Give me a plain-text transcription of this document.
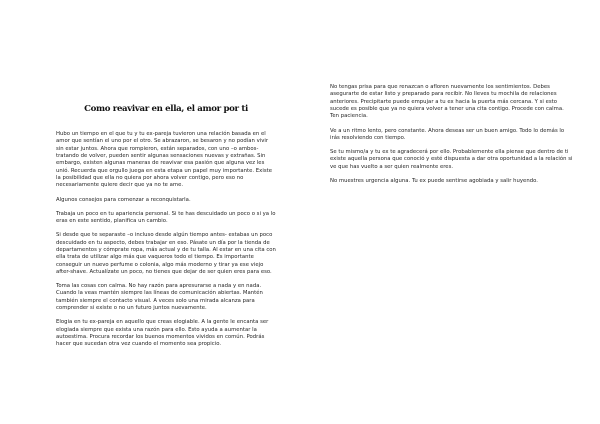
Como reavivar en ella, el amor por ti

Hubo un tiempo en el que tu y tu ex-pareja tuvieron una relación basada en el amor que sentían el uno por el otro. Se abrazaron, se besaron y no podían vivir sin estar juntos. Ahora que rompieron, están separados, con uno –o ambos- tratando de volver, pueden sentir algunas sensaciones nuevas y extrañas. Sin embargo, existen algunas maneras de reavivar esa pasión que alguna vez les unió. Recuerda que orgullo juega en esta etapa un papel muy importante. Existe la posibilidad que ella no quiera por ahora volver contigo, pero eso no necesariamente quiere decir que ya no te ame.

Algunos consejos para comenzar a reconquistarla.

Trabaja un poco en tu apariencia personal. Si te has descuidado un poco o si ya lo eras en este sentido, planifica un cambio.

Si desde que te separaste –o incluso desde algún tiempo antes- estabas un poco descuidado en tu aspecto, debes trabajar en eso. Pásate un día por la tienda de departamentos y cómprate ropa, más actual y de tu talla. Al estar en una cita con ella trata de utilizar algo más que vaqueros todo el tiempo. Es importante conseguir un nuevo perfume o colonia, algo más moderno y tirar ya ese viejo after-shave. Actualízate un poco, no tienes que dejar de ser quien eres para eso.

Toma las cosas con calma. No hay razón para apresurarse a nada y en nada. Cuando la veas mantén siempre las líneas de comunicación abiertas. Mantén también siempre el contacto visual. A veces solo una mirada alcanza para comprender si existe o no un futuro juntos nuevamente.

Elogia en tu ex-pareja en aquello que creas elogiable. A la gente le encanta ser elogiada siempre que exista una razón para ello. Esto ayuda a aumentar la autoestima. Procura recordar los buenos momentos vividos en común. Podrás hacer que sucedan otra vez cuando el momento sea propicio.

No tengas prisa para que renazcan o afloren nuevamente los sentimientos. Debes asegurarte de estar listo y preparado para recibir. No lleves tu mochila de relaciones anteriores. Precipitarte puede empujar a tu ex hacia la puerta más cercana. Y si esto sucede es posible que ya no quiera volver a tener una cita contigo. Procede con calma. Ten paciencia.

Ve a un ritmo lento, pero constante. Ahora deseas ser un buen amigo. Todo lo demás lo irás resolviendo con tiempo.

Se tu mismo/a y tu ex te agradecerá por ello. Probablemente ella piense que dentro de ti existe aquella persona que conoció y esté dispuesta a dar otra oportunidad a la relación si ve que has vuelto a ser quien realmente eres.

No muestres urgencia alguna. Tu ex puede sentirse agobiada y salir huyendo.
